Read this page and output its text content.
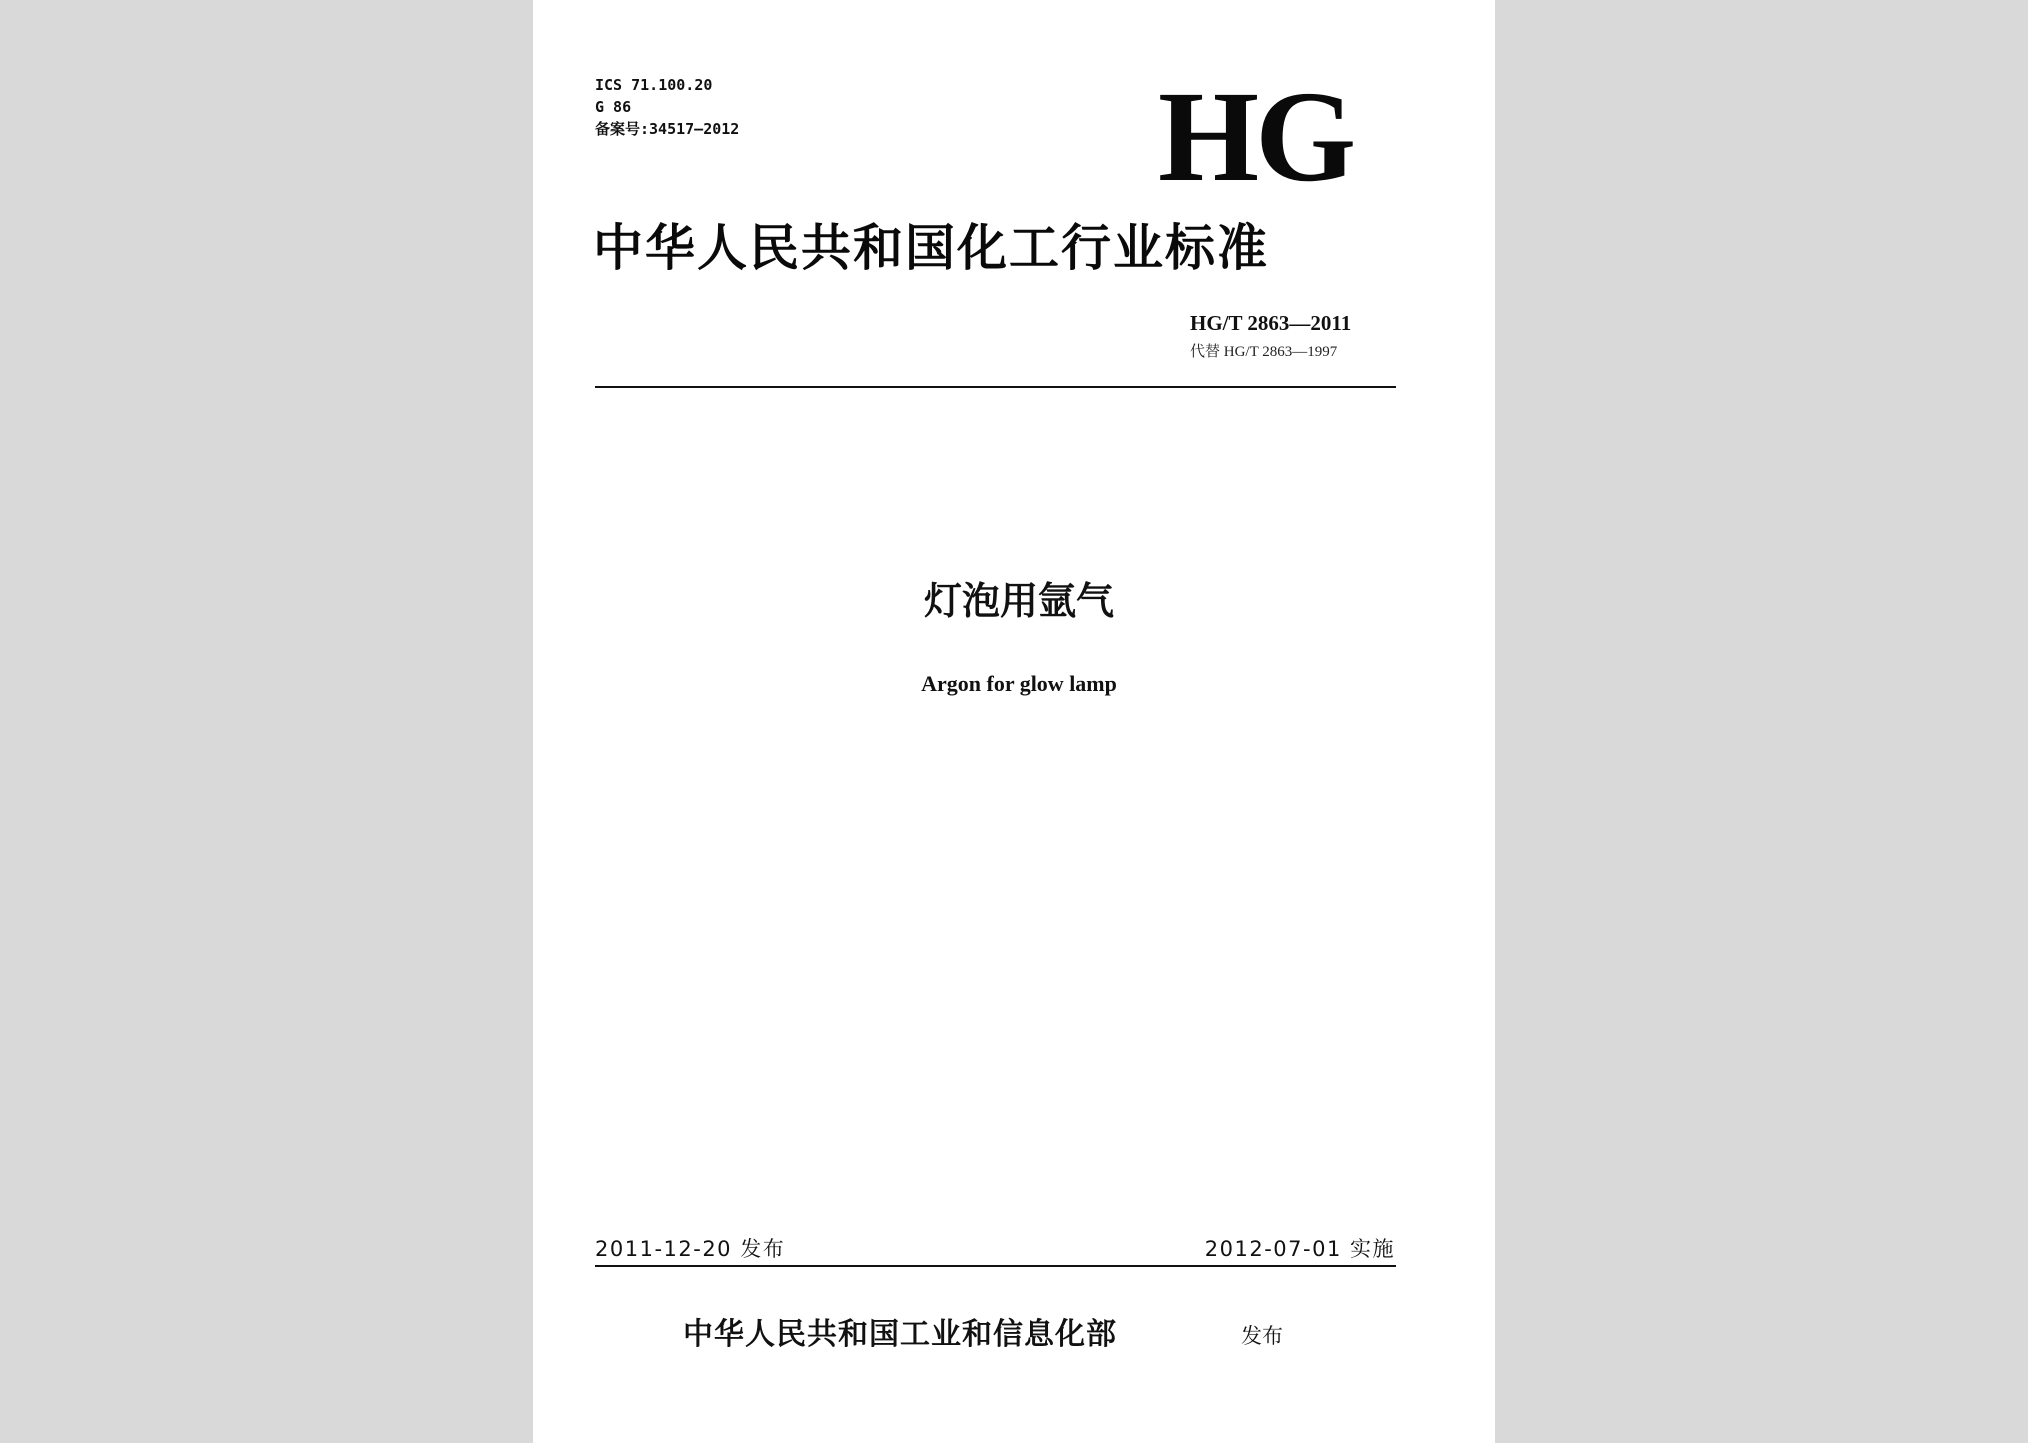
ICS 71.100.20
G 86
备案号:34517—2012	HG
中华人民共和国化工行业标准
HG/T 2863—2011
代替 HG/T 2863—1997
灯泡用氩气
Argon for glow lamp
2011-12-20 发布	2012-07-01 实施
中华人民共和国工业和信息化部	发布
